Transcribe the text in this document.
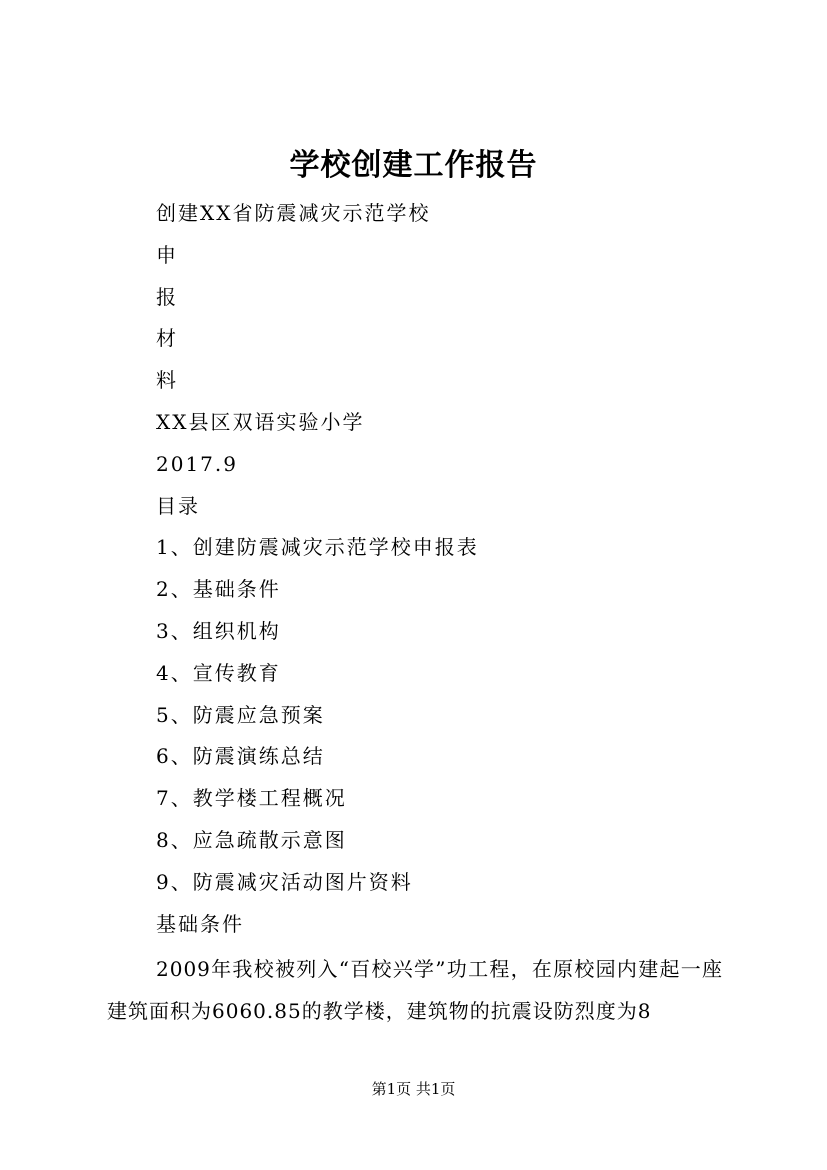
学校创建工作报告
创建XX省防震减灾示范学校
申
报
材
料
XX县区双语实验小学
2017.9
目录
1、创建防震减灾示范学校申报表
2、基础条件
3、组织机构
4、宣传教育
5、防震应急预案
6、防震演练总结
7、教学楼工程概况
8、应急疏散示意图
9、防震减灾活动图片资料
基础条件
2009年我校被列入“百校兴学”功工程，在原校园内建起一座建筑面积为6060.85的教学楼，建筑物的抗震设防烈度为8
第1页 共1页
